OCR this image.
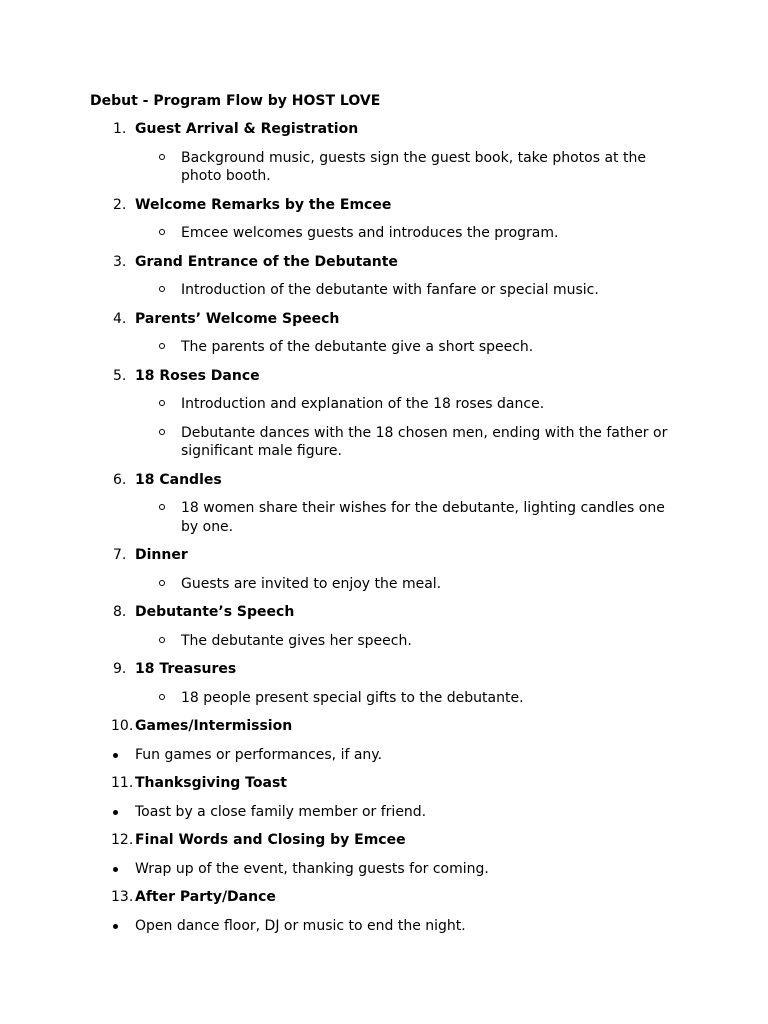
Debut - Program Flow by HOST LOVE
1. Guest Arrival & Registration
Background music, guests sign the guest book, take photos at the photo booth.
2. Welcome Remarks by the Emcee
Emcee welcomes guests and introduces the program.
3. Grand Entrance of the Debutante
Introduction of the debutante with fanfare or special music.
4. Parents’ Welcome Speech
The parents of the debutante give a short speech.
5. 18 Roses Dance
Introduction and explanation of the 18 roses dance.
Debutante dances with the 18 chosen men, ending with the father or significant male figure.
6. 18 Candles
18 women share their wishes for the debutante, lighting candles one by one.
7. Dinner
Guests are invited to enjoy the meal.
8. Debutante’s Speech
The debutante gives her speech.
9. 18 Treasures
18 people present special gifts to the debutante.
10. Games/Intermission
Fun games or performances, if any.
11. Thanksgiving Toast
Toast by a close family member or friend.
12. Final Words and Closing by Emcee
Wrap up of the event, thanking guests for coming.
13. After Party/Dance
Open dance floor, DJ or music to end the night.
